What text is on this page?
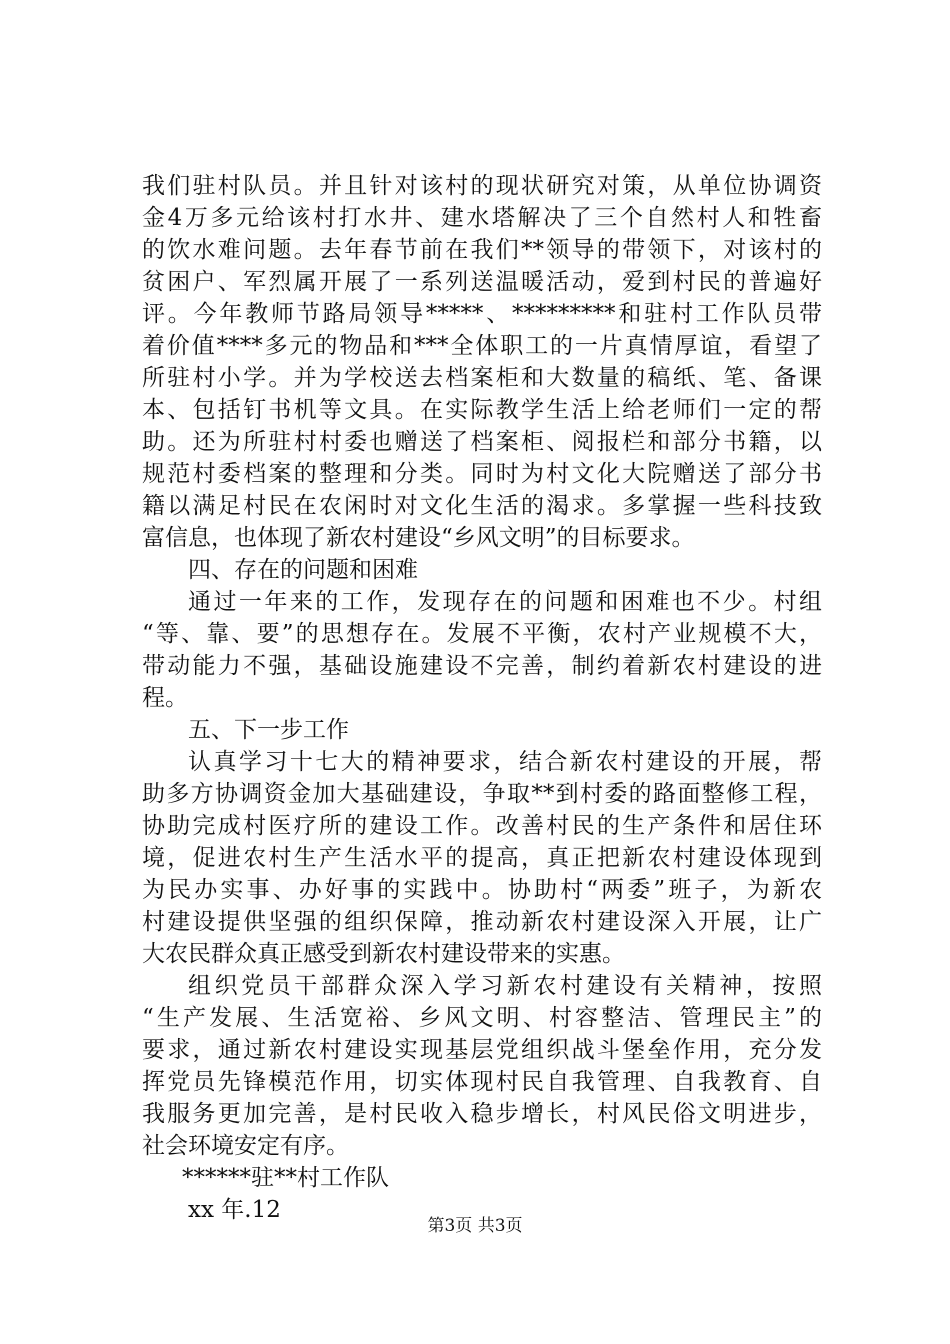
我们驻村队员。并且针对该村的现状研究对策，从单位协调资
金4万多元给该村打水井、建水塔解决了三个自然村人和牲畜
的饮水难问题。去年春节前在我们**领导的带领下，对该村的
贫困户、军烈属开展了一系列送温暖活动，爱到村民的普遍好
评。今年教师节路局领导*****、*********和驻村工作队员带
着价值****多元的物品和***全体职工的一片真情厚谊，看望了
所驻村小学。并为学校送去档案柜和大数量的稿纸、笔、备课
本、包括钉书机等文具。在实际教学生活上给老师们一定的帮
助。还为所驻村村委也赠送了档案柜、阅报栏和部分书籍，以
规范村委档案的整理和分类。同时为村文化大院赠送了部分书
籍以满足村民在农闲时对文化生活的渴求。多掌握一些科技致
富信息，也体现了新农村建设“乡风文明”的目标要求。
四、存在的问题和困难
通过一年来的工作，发现存在的问题和困难也不少。村组
“等、靠、要”的思想存在。发展不平衡，农村产业规模不大，
带动能力不强，基础设施建设不完善，制约着新农村建设的进
程。
五、下一步工作
认真学习十七大的精神要求，结合新农村建设的开展，帮
助多方协调资金加大基础建设，争取**到村委的路面整修工程，
协助完成村医疗所的建设工作。改善村民的生产条件和居住环
境，促进农村生产生活水平的提高，真正把新农村建设体现到
为民办实事、办好事的实践中。协助村“两委”班子，为新农
村建设提供坚强的组织保障，推动新农村建设深入开展，让广
大农民群众真正感受到新农村建设带来的实惠。
组织党员干部群众深入学习新农村建设有关精神，按照
“生产发展、生活宽裕、乡风文明、村容整洁、管理民主”的
要求，通过新农村建设实现基层党组织战斗堡垒作用，充分发
挥党员先锋模范作用，切实体现村民自我管理、自我教育、自
我服务更加完善，是村民收入稳步增长，村风民俗文明进步，
社会环境安定有序。
******驻**村工作队
xx 年.12
第3页 共3页
